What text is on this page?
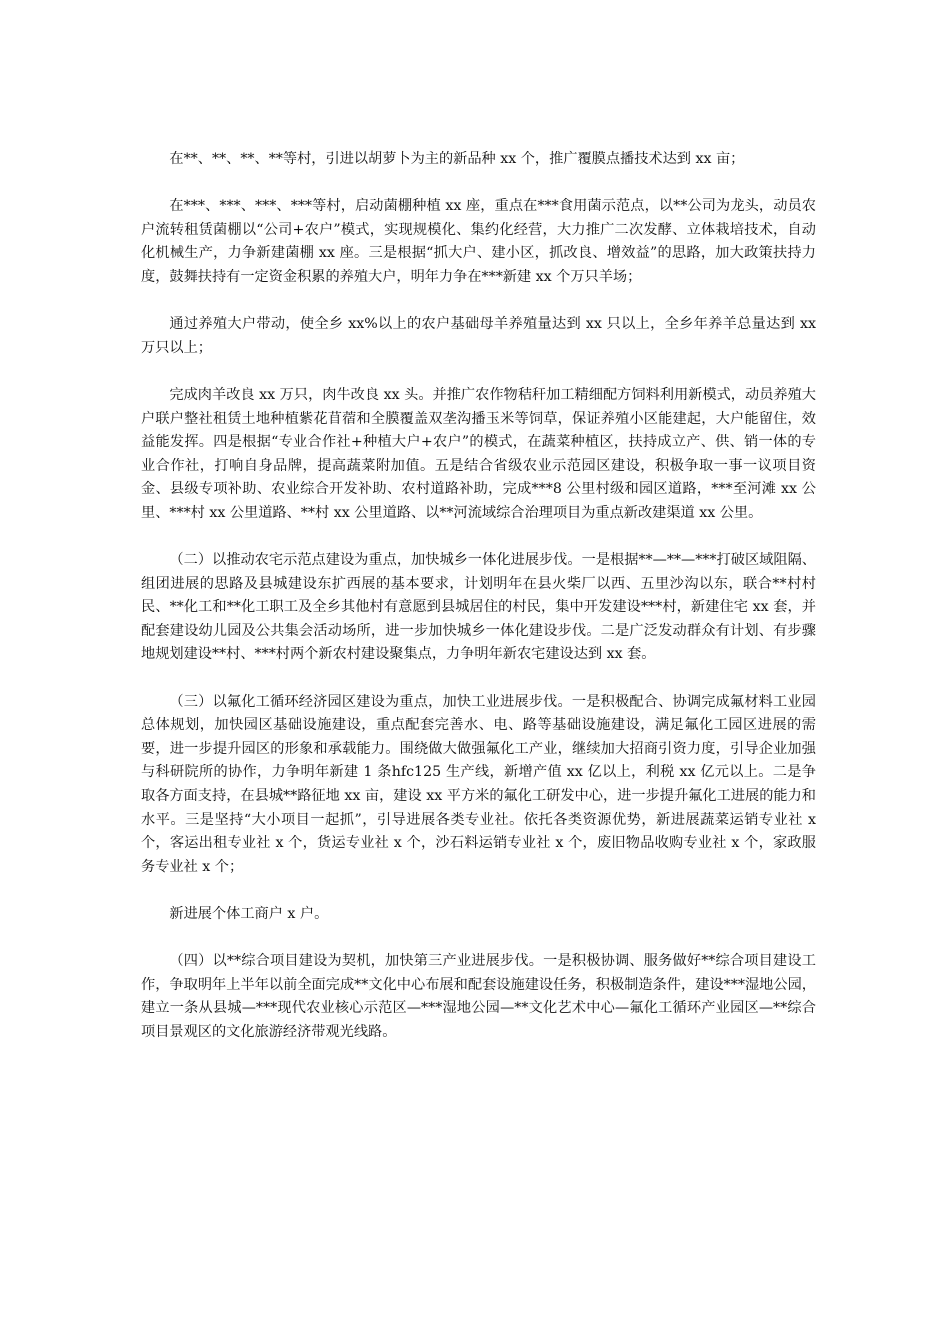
在**、**、**、**等村，引进以胡萝卜为主的新品种 xx 个，推广覆膜点播技术达到 xx 亩；

在***、***、***、***等村，启动菌棚种植 xx 座，重点在***食用菌示范点，以**公司为龙头，动员农户流转租赁菌棚以“公司+农户”模式，实现规模化、集约化经营，大力推广二次发酵、立体栽培技术，自动化机械生产，力争新建菌棚 xx 座。三是根据“抓大户、建小区，抓改良、增效益”的思路，加大政策扶持力度，鼓舞扶持有一定资金积累的养殖大户，明年力争在***新建 xx 个万只羊场；

通过养殖大户带动，使全乡 xx%以上的农户基础母羊养殖量达到 xx 只以上，全乡年养羊总量达到 xx 万只以上；

完成肉羊改良 xx 万只，肉牛改良 xx 头。并推广农作物秸秆加工精细配方饲料利用新模式，动员养殖大户联户整社租赁土地种植紫花苜蓿和全膜覆盖双垄沟播玉米等饲草，保证养殖小区能建起，大户能留住，效益能发挥。四是根据“专业合作社+种植大户+农户”的模式，在蔬菜种植区，扶持成立产、供、销一体的专业合作社，打响自身品牌，提高蔬菜附加值。五是结合省级农业示范园区建设，积极争取一事一议项目资金、县级专项补助、农业综合开发补助、农村道路补助，完成***8 公里村级和园区道路，***至河滩 xx 公里、***村 xx 公里道路、**村 xx 公里道路、以**河流域综合治理项目为重点新改建渠道 xx 公里。

（二）以推动农宅示范点建设为重点，加快城乡一体化进展步伐。一是根据**—**—***打破区域阻隔、组团进展的思路及县城建设东扩西展的基本要求，计划明年在县火柴厂以西、五里沙沟以东，联合**村村民、**化工和**化工职工及全乡其他村有意愿到县城居住的村民，集中开发建设***村，新建住宅 xx 套，并配套建设幼儿园及公共集会活动场所，进一步加快城乡一体化建设步伐。二是广泛发动群众有计划、有步骤地规划建设**村、***村两个新农村建设聚集点，力争明年新农宅建设达到 xx 套。

（三）以氟化工循环经济园区建设为重点，加快工业进展步伐。一是积极配合、协调完成氟材料工业园总体规划，加快园区基础设施建设，重点配套完善水、电、路等基础设施建设，满足氟化工园区进展的需要，进一步提升园区的形象和承载能力。围绕做大做强氟化工产业，继续加大招商引资力度，引导企业加强与科研院所的协作，力争明年新建 1 条hfc125 生产线，新增产值 xx 亿以上，利税 xx 亿元以上。二是争取各方面支持，在县城**路征地 xx 亩，建设 xx 平方米的氟化工研发中心，进一步提升氟化工进展的能力和水平。三是坚持“大小项目一起抓”，引导进展各类专业社。依托各类资源优势，新进展蔬菜运销专业社 x 个，客运出租专业社 x 个，货运专业社 x 个，沙石料运销专业社 x 个，废旧物品收购专业社 x 个，家政服务专业社 x 个；

新进展个体工商户 x 户。

（四）以**综合项目建设为契机，加快第三产业进展步伐。一是积极协调、服务做好**综合项目建设工作，争取明年上半年以前全面完成**文化中心布展和配套设施建设任务，积极制造条件，建设***湿地公园，建立一条从县城—***现代农业核心示范区—***湿地公园—**文化艺术中心—氟化工循环产业园区—**综合项目景观区的文化旅游经济带观光线路。
